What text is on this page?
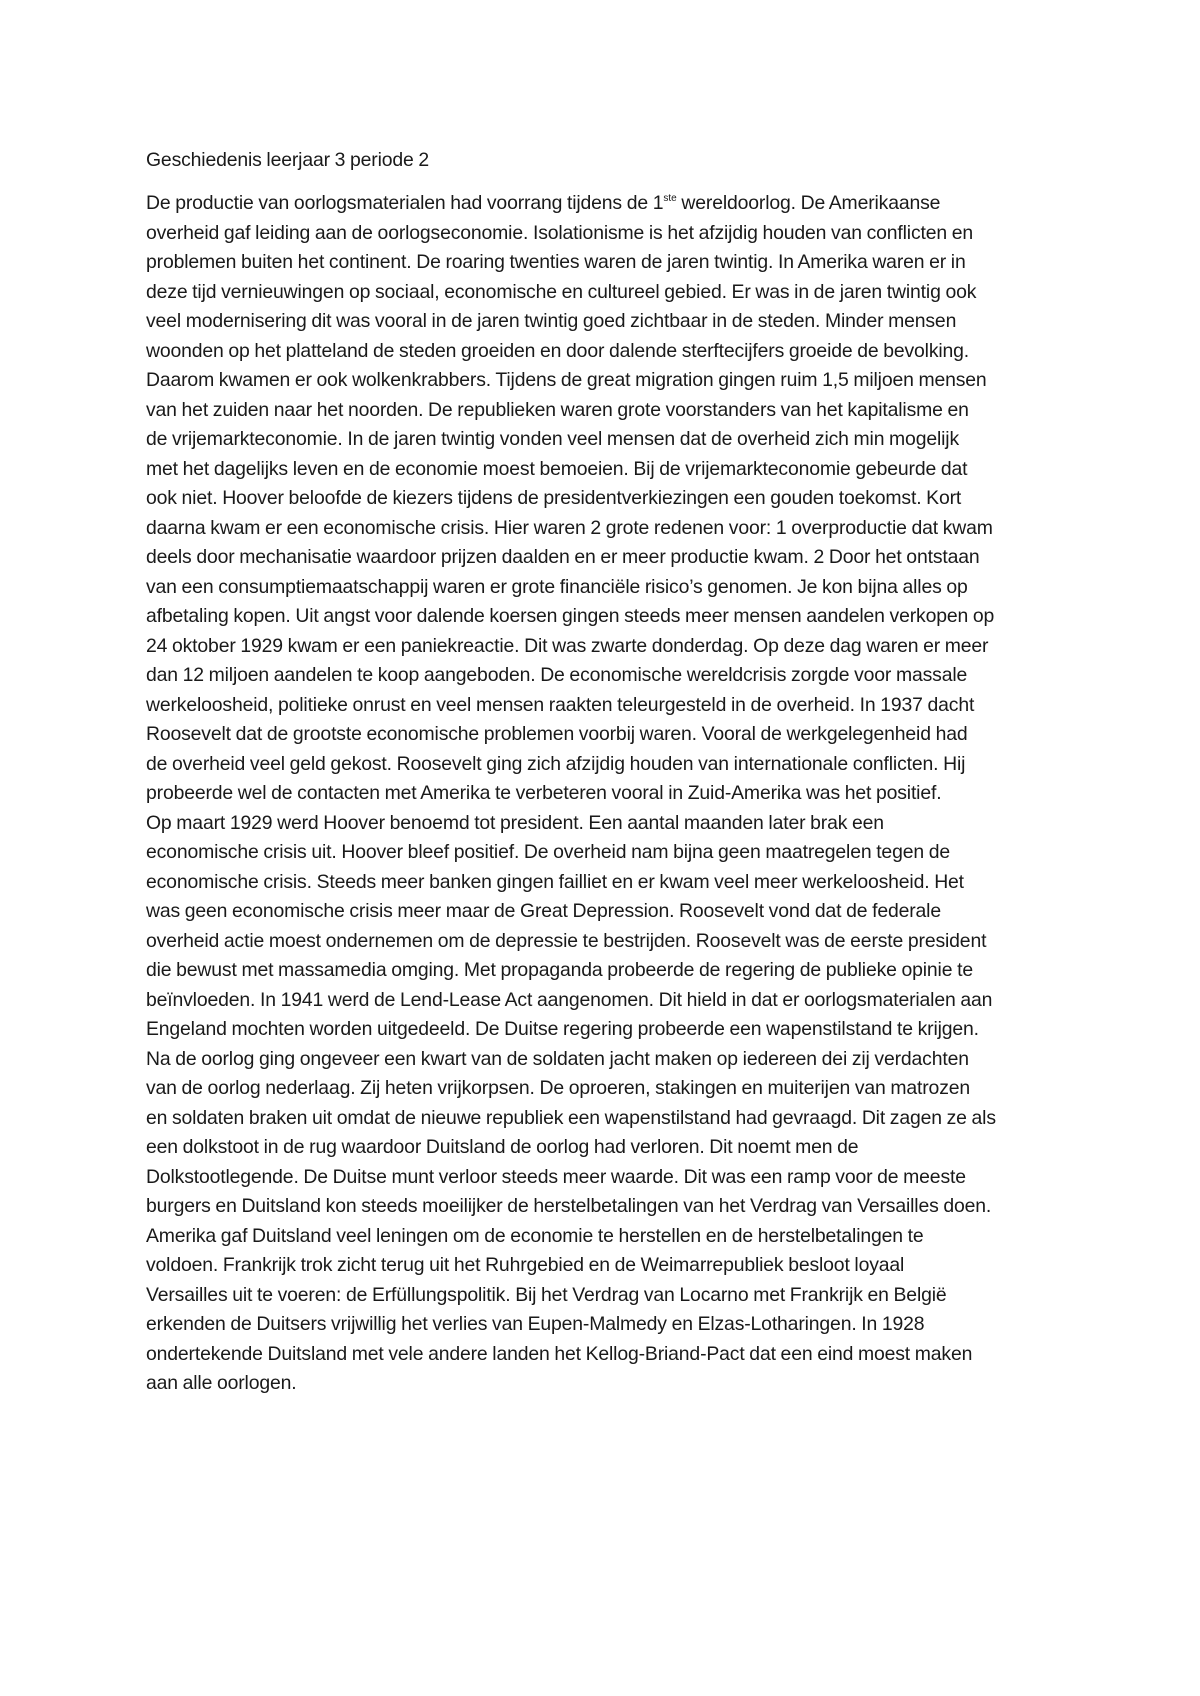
Geschiedenis leerjaar 3 periode 2

De productie van oorlogsmaterialen had voorrang tijdens de 1ste wereldoorlog. De Amerikaanse
overheid gaf leiding aan de oorlogseconomie. Isolationisme is het afzijdig houden van conflicten en
problemen buiten het continent. De roaring twenties waren de jaren twintig. In Amerika waren er in
deze tijd vernieuwingen op sociaal, economische en cultureel gebied. Er was in de jaren twintig ook
veel modernisering dit was vooral in de jaren twintig goed zichtbaar in de steden. Minder mensen
woonden op het platteland de steden groeiden en door dalende sterftecijfers groeide de bevolking.
Daarom kwamen er ook wolkenkrabbers. Tijdens de great migration gingen ruim 1,5 miljoen mensen
van het zuiden naar het noorden. De republieken waren grote voorstanders van het kapitalisme en
de vrijemarkteconomie. In de jaren twintig vonden veel mensen dat de overheid zich min mogelijk
met het dagelijks leven en de economie moest bemoeien. Bij de vrijemarkteconomie gebeurde dat
ook niet. Hoover beloofde de kiezers tijdens de presidentverkiezingen een gouden toekomst. Kort
daarna kwam er een economische crisis. Hier waren 2 grote redenen voor: 1 overproductie dat kwam
deels door mechanisatie waardoor prijzen daalden en er meer productie kwam. 2 Door het ontstaan
van een consumptiemaatschappij waren er grote financiële risico’s genomen. Je kon bijna alles op
afbetaling kopen. Uit angst voor dalende koersen gingen steeds meer mensen aandelen verkopen op
24 oktober 1929 kwam er een paniekreactie. Dit was zwarte donderdag. Op deze dag waren er meer
dan 12 miljoen aandelen te koop aangeboden. De economische wereldcrisis zorgde voor massale
werkeloosheid, politieke onrust en veel mensen raakten teleurgesteld in de overheid. In 1937 dacht
Roosevelt dat de grootste economische problemen voorbij waren. Vooral de werkgelegenheid had
de overheid veel geld gekost. Roosevelt ging zich afzijdig houden van internationale conflicten. Hij
probeerde wel de contacten met Amerika te verbeteren vooral in Zuid-Amerika was het positief.
Op maart 1929 werd Hoover benoemd tot president. Een aantal maanden later brak een
economische crisis uit. Hoover bleef positief. De overheid nam bijna geen maatregelen tegen de
economische crisis. Steeds meer banken gingen failliet en er kwam veel meer werkeloosheid. Het
was geen economische crisis meer maar de Great Depression. Roosevelt vond dat de federale
overheid actie moest ondernemen om de depressie te bestrijden. Roosevelt was de eerste president
die bewust met massamedia omging. Met propaganda probeerde de regering de publieke opinie te
beïnvloeden. In 1941 werd de Lend-Lease Act aangenomen. Dit hield in dat er oorlogsmaterialen aan
Engeland mochten worden uitgedeeld. De Duitse regering probeerde een wapenstilstand te krijgen.
Na de oorlog ging ongeveer een kwart van de soldaten jacht maken op iedereen dei zij verdachten
van de oorlog nederlaag. Zij heten vrijkorpsen. De oproeren, stakingen en muiterijen van matrozen
en soldaten braken uit omdat de nieuwe republiek een wapenstilstand had gevraagd. Dit zagen ze als
een dolkstoot in de rug waardoor Duitsland de oorlog had verloren. Dit noemt men de
Dolkstootlegende. De Duitse munt verloor steeds meer waarde. Dit was een ramp voor de meeste
burgers en Duitsland kon steeds moeilijker de herstelbetalingen van het Verdrag van Versailles doen.
Amerika gaf Duitsland veel leningen om de economie te herstellen en de herstelbetalingen te
voldoen. Frankrijk trok zicht terug uit het Ruhrgebied en de Weimarrepubliek besloot loyaal
Versailles uit te voeren: de Erfüllungspolitik. Bij het Verdrag van Locarno met Frankrijk en België
erkenden de Duitsers vrijwillig het verlies van Eupen-Malmedy en Elzas-Lotharingen. In 1928
ondertekende Duitsland met vele andere landen het Kellog-Briand-Pact dat een eind moest maken
aan alle oorlogen.
